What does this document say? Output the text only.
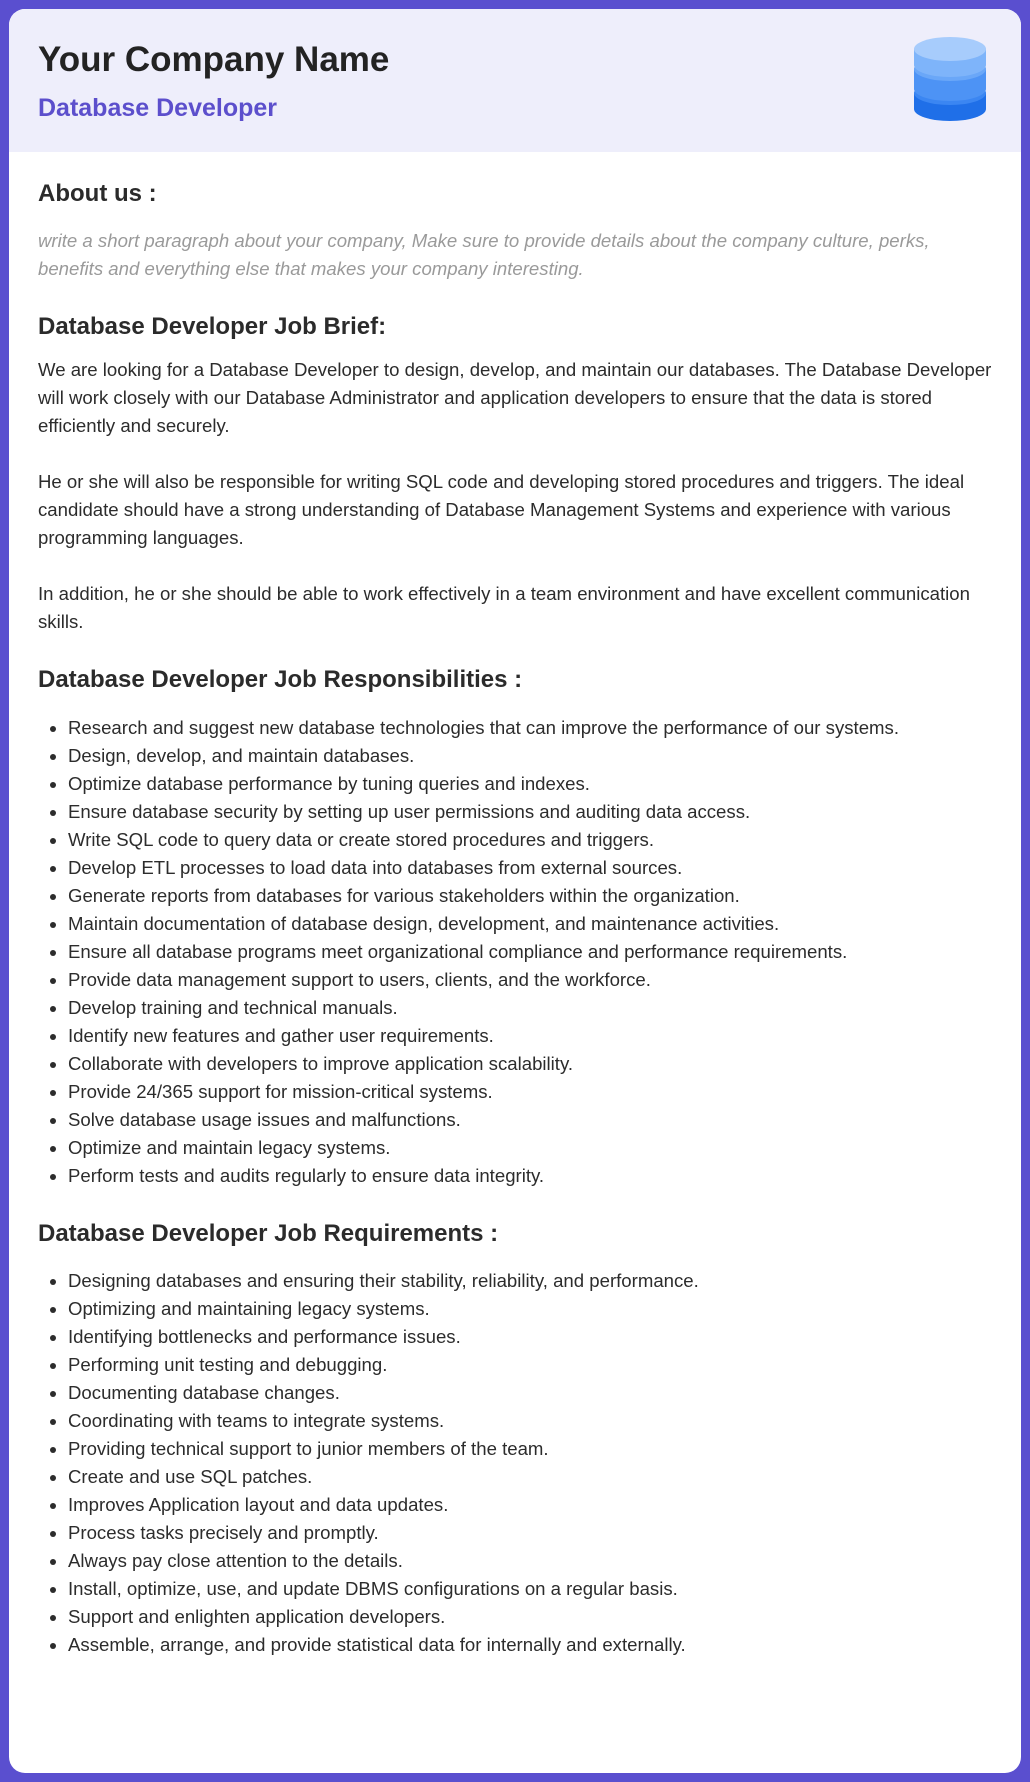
Your Company Name
Database Developer
About us :

write a short paragraph about your company, Make sure to provide details about the company culture, perks, benefits and everything else that makes your company interesting.

Database Developer Job Brief:

We are looking for a Database Developer to design, develop, and maintain our databases. The Database Developer will work closely with our Database Administrator and application developers to ensure that the data is stored efficiently and securely.

He or she will also be responsible for writing SQL code and developing stored procedures and triggers. The ideal candidate should have a strong understanding of Database Management Systems and experience with various programming languages.

In addition, he or she should be able to work effectively in a team environment and have excellent communication skills.

Database Developer Job Responsibilities :
• Research and suggest new database technologies that can improve the performance of our systems.
• Design, develop, and maintain databases.
• Optimize database performance by tuning queries and indexes.
• Ensure database security by setting up user permissions and auditing data access.
• Write SQL code to query data or create stored procedures and triggers.
• Develop ETL processes to load data into databases from external sources.
• Generate reports from databases for various stakeholders within the organization.
• Maintain documentation of database design, development, and maintenance activities.
• Ensure all database programs meet organizational compliance and performance requirements.
• Provide data management support to users, clients, and the workforce.
• Develop training and technical manuals.
• Identify new features and gather user requirements.
• Collaborate with developers to improve application scalability.
• Provide 24/365 support for mission-critical systems.
• Solve database usage issues and malfunctions.
• Optimize and maintain legacy systems.
• Perform tests and audits regularly to ensure data integrity.
Database Developer Job Requirements :
• Designing databases and ensuring their stability, reliability, and performance.
• Optimizing and maintaining legacy systems.
• Identifying bottlenecks and performance issues.
• Performing unit testing and debugging.
• Documenting database changes.
• Coordinating with teams to integrate systems.
• Providing technical support to junior members of the team.
• Create and use SQL patches.
• Improves Application layout and data updates.
• Process tasks precisely and promptly.
• Always pay close attention to the details.
• Install, optimize, use, and update DBMS configurations on a regular basis.
• Support and enlighten application developers.
• Assemble, arrange, and provide statistical data for internally and externally.
